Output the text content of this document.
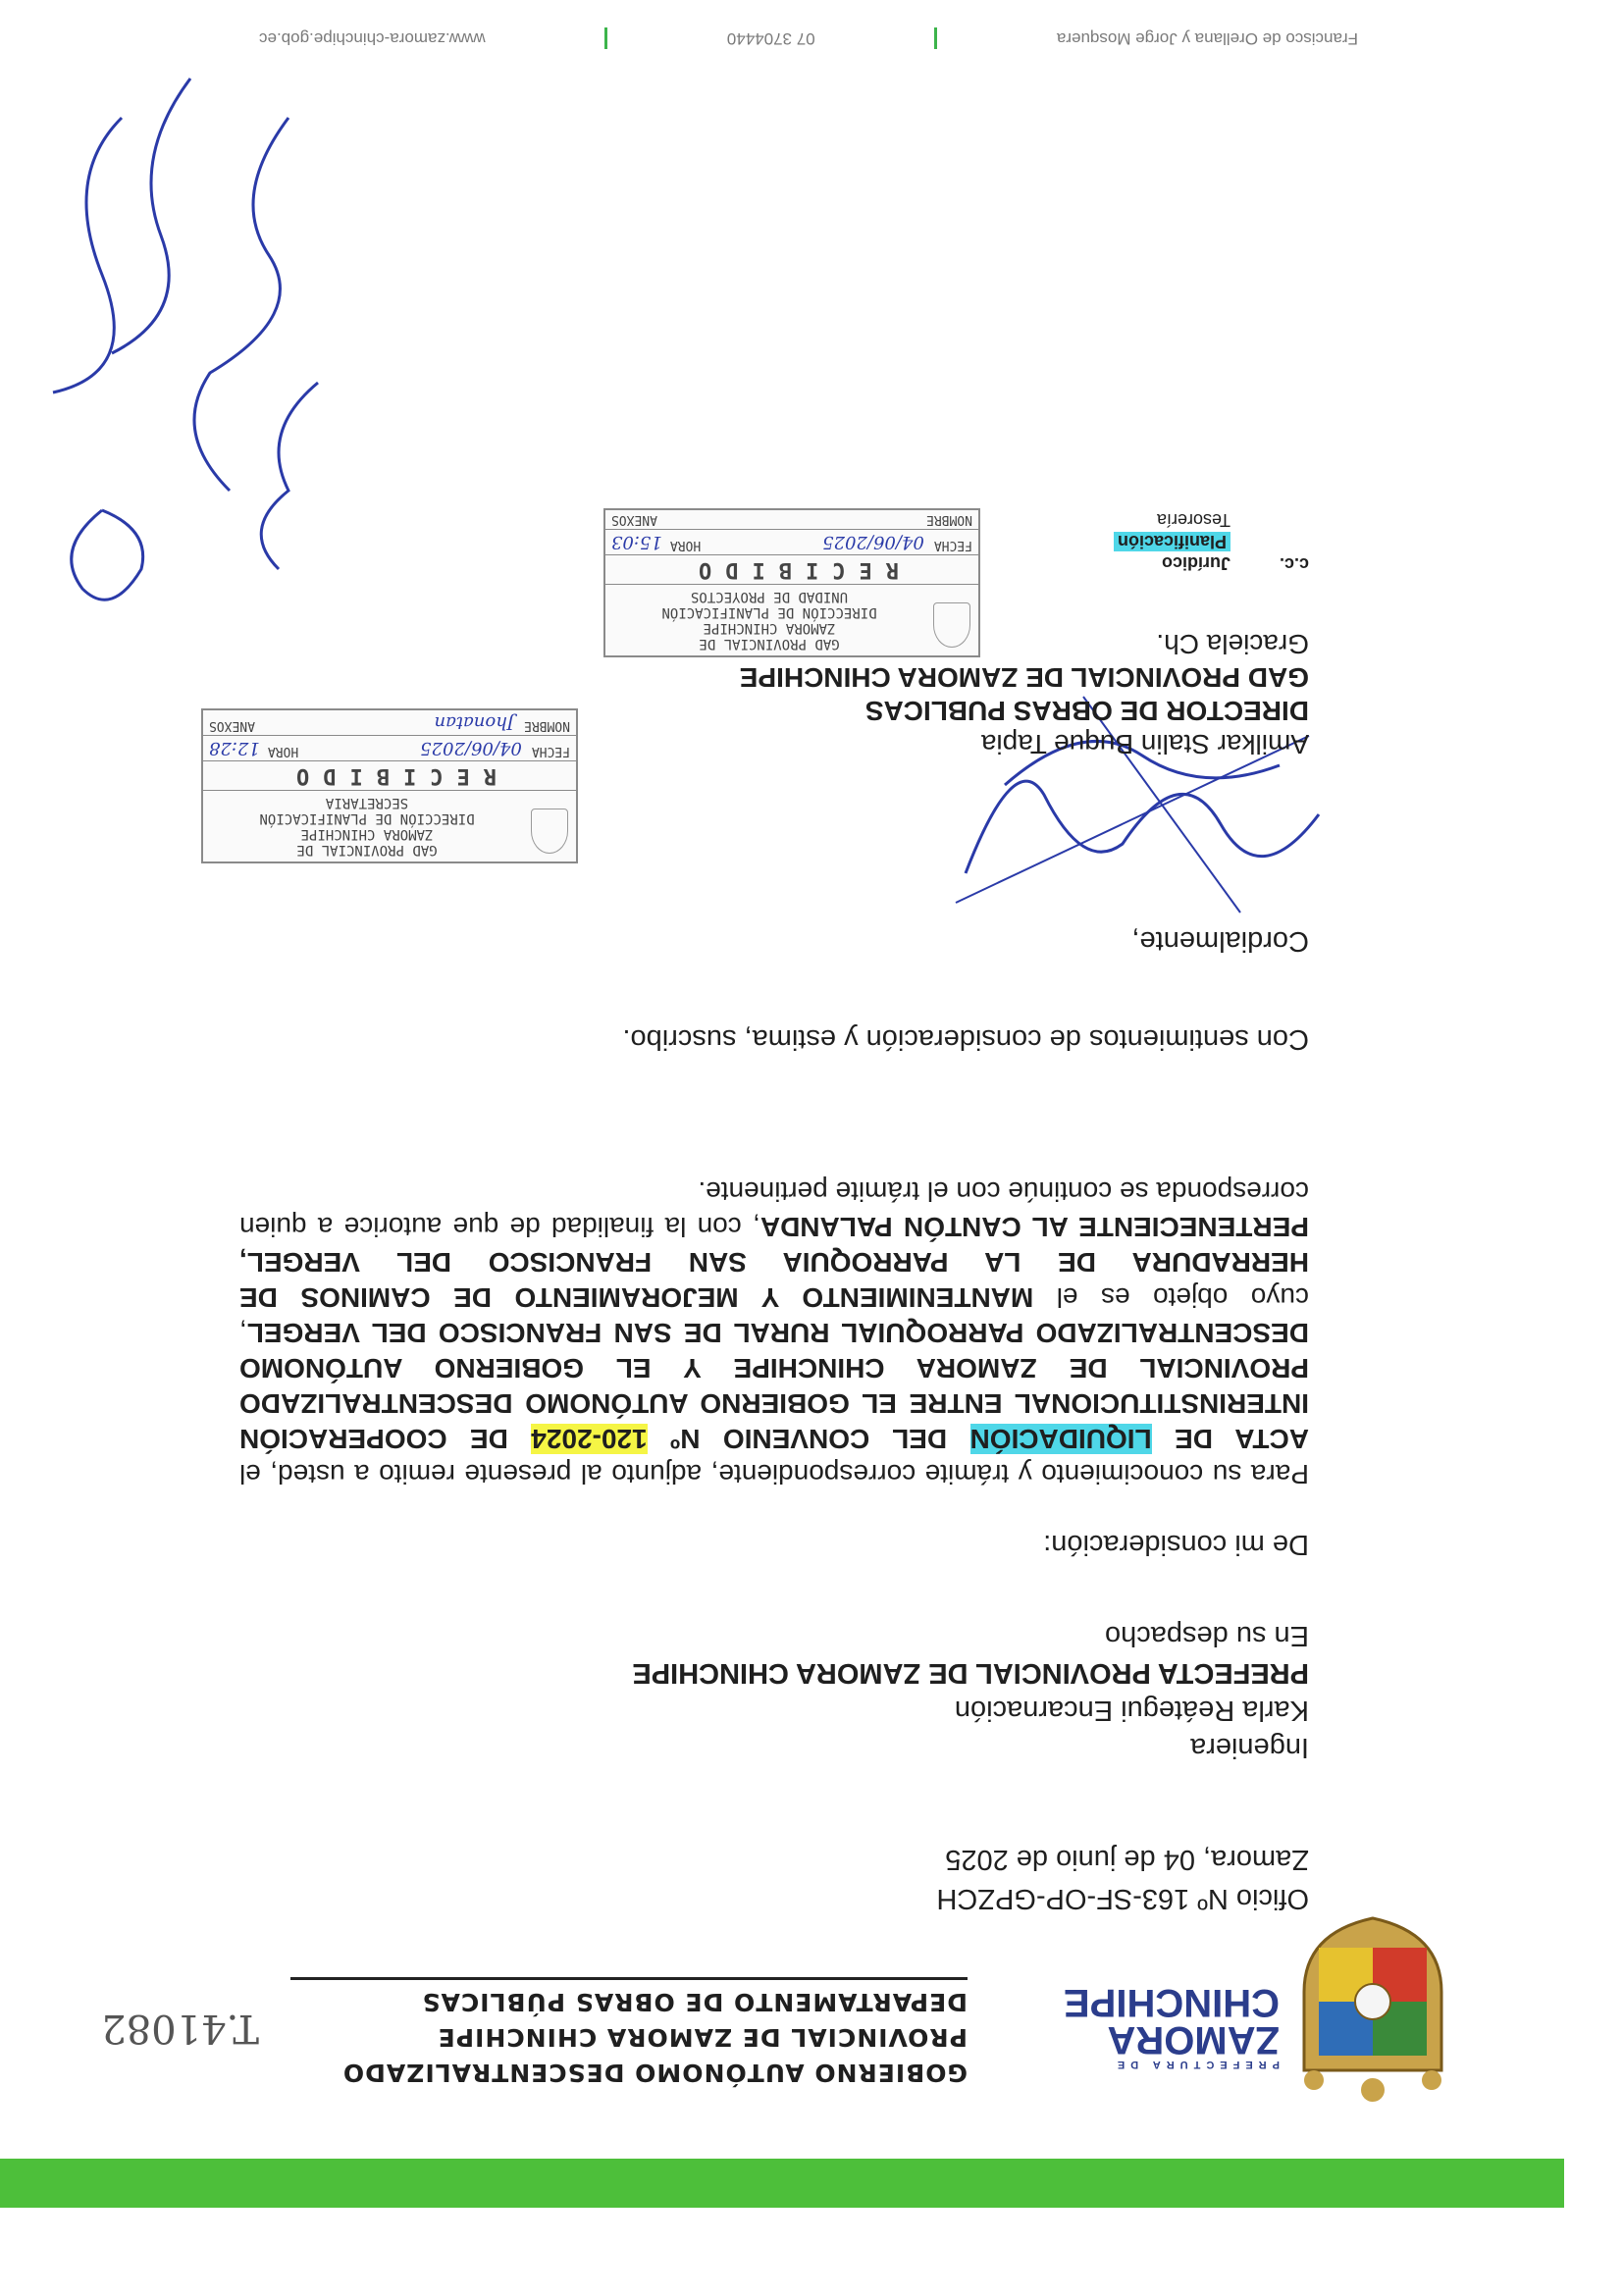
PREFECTURA DE
ZAMORA
CHINCHIPE
GOBIERNO AUTÓNOMO DESCENTRALIZADO
PROVINCIAL DE ZAMORA CHINCHIPE
DEPARTAMENTO DE OBRAS PÚBLICAS
T.41082
Oficio Nº 163-SF-OP-GPZCH
Zamora, 04 de junio de 2025
Ingeniera
Karla Reátegui Encarnación
PREFECTA PROVINCIAL DE ZAMORA CHINCHIPE
En su despacho
De mi consideración:
Para su conocimiento y trámite correspondiente, adjunto al presente remito a usted, el ACTA DE LIQUIDACIÓN DEL CONVENIO Nº 120-2024 DE COOPERACIÓN INTERINSTITUCIONAL ENTRE EL GOBIERNO AUTÓNOMO DESCENTRALIZADO PROVINCIAL DE ZAMORA CHINCHIPE Y EL GOBIERNO AUTÓNOMO DESCENTRALIZADO PARROQUIAL RURAL DE SAN FRANCISCO DEL VERGEL, cuyo objeto es el MANTENIMIENTO Y MEJORAMIENTO DE CAMINOS DE HERRADURA DE LA PARROQUIA SAN FRANCISCO DEL VERGEL, PERTENECIENTE AL CANTÓN PALANDA, con la finalidad de que autorice a quien corresponda se continúe con el trámite pertinente.
Con sentimientos de consideración y estima, suscribo.
Cordialmente,
Amilkar Stalin Buque Tapia
DIRECTOR DE OBRAS PUBLICAS
GAD PROVINCIAL DE ZAMORA CHINCHIPE
Graciela Ch.
c.c.
Jurídico
Planificación
Tesorería
GAD PROVINCIAL DE
ZAMORA CHINCHIPE
DIRECCIÓN DE PLANIFICACIÓN
UNIDAD DE PROYECTOS
RECIBIDO
FECHA
04/06/2025
HORA
15:03
NOMBRE
ANEXOS
GAD PROVINCIAL DE
ZAMORA CHINCHIPE
DIRECCIÓN DE PLANIFICACIÓN
SECRETARIA
RECIBIDO
FECHA
04/06/2025
HORA
12:28
NOMBRE
Jhonatan
ANEXOS
Francisco de Orellana y Jorge Mosquera
07 3704440
www.zamora-chinchipe.gob.ec
